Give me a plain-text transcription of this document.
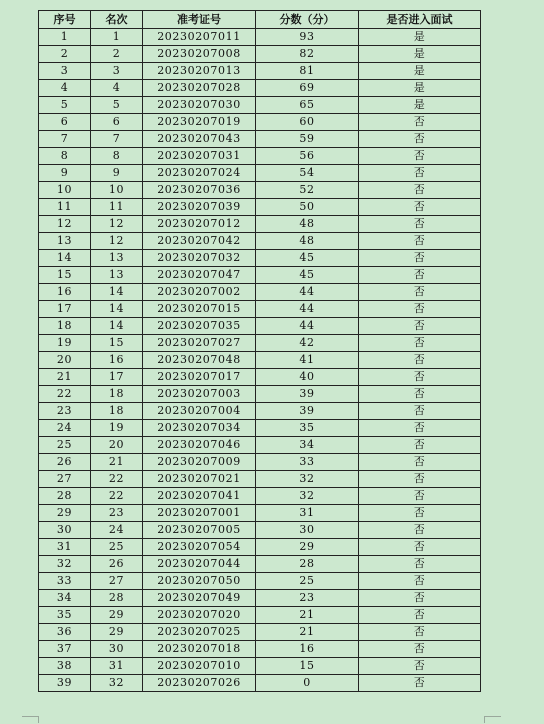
序号	名次	准考证号	分数（分）	是否进入面试
1	1	20230207011	93	是
2	2	20230207008	82	是
3	3	20230207013	81	是
4	4	20230207028	69	是
5	5	20230207030	65	是
6	6	20230207019	60	否
7	7	20230207043	59	否
8	8	20230207031	56	否
9	9	20230207024	54	否
10	10	20230207036	52	否
11	11	20230207039	50	否
12	12	20230207012	48	否
13	12	20230207042	48	否
14	13	20230207032	45	否
15	13	20230207047	45	否
16	14	20230207002	44	否
17	14	20230207015	44	否
18	14	20230207035	44	否
19	15	20230207027	42	否
20	16	20230207048	41	否
21	17	20230207017	40	否
22	18	20230207003	39	否
23	18	20230207004	39	否
24	19	20230207034	35	否
25	20	20230207046	34	否
26	21	20230207009	33	否
27	22	20230207021	32	否
28	22	20230207041	32	否
29	23	20230207001	31	否
30	24	20230207005	30	否
31	25	20230207054	29	否
32	26	20230207044	28	否
33	27	20230207050	25	否
34	28	20230207049	23	否
35	29	20230207020	21	否
36	29	20230207025	21	否
37	30	20230207018	16	否
38	31	20230207010	15	否
39	32	20230207026	0	否
